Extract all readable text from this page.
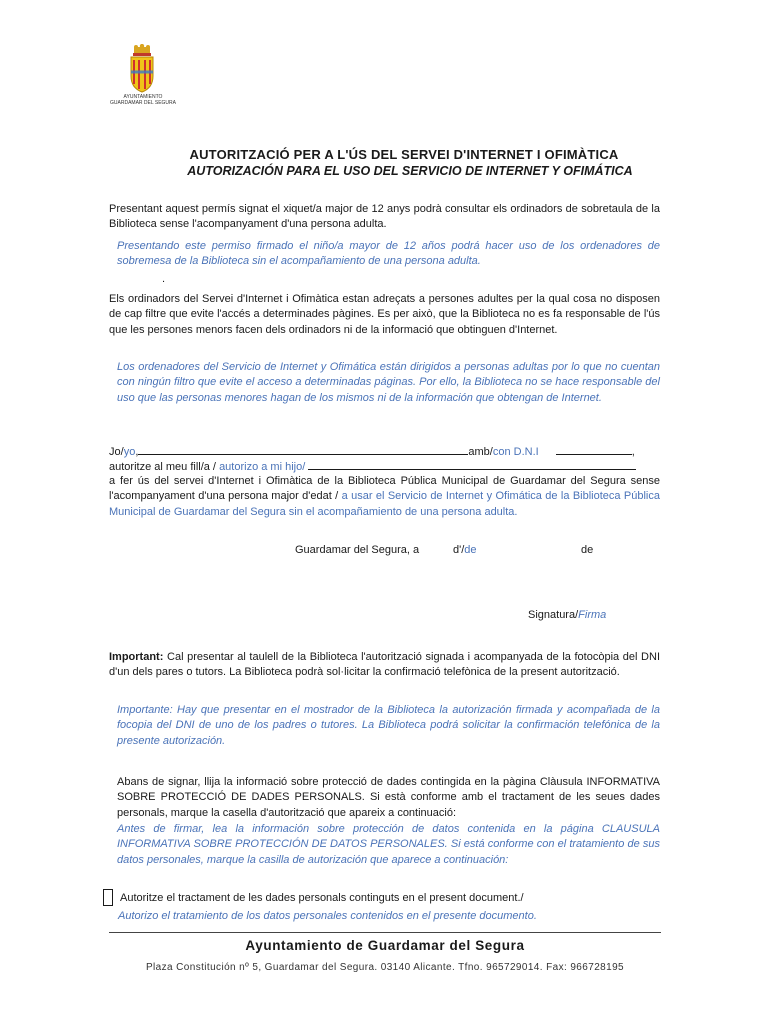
AYUNTAMIENTO
GUARDAMAR DEL SEGURA
AUTORITZACIÓ PER A L'ÚS DEL SERVEI D'INTERNET I OFIMÀTICA
AUTORIZACIÓN PARA EL USO DEL SERVICIO DE INTERNET Y OFIMÁTICA
Presentant aquest permís signat el xiquet/a major de 12 anys podrà consultar els ordinadors de sobretaula de la Biblioteca sense l'acompanyament d'una persona adulta.
Presentando este permiso firmado el niño/a mayor de 12 años podrá hacer uso de los ordenadores de sobremesa de la Biblioteca sin el acompañamiento de una persona adulta.
.
Els ordinadors del Servei d'Internet i Ofimàtica estan adreçats a persones adultes per la qual cosa no disposen de cap filtre que evite l'accés a determinades pàgines. Es per això, que la Biblioteca no es fa responsable de l'ús que les persones menors facen dels ordinadors ni de la informació que obtinguen d'Internet.
Los ordenadores del Servicio de Internet y Ofimática están dirigidos a personas adultas por lo que no cuentan con ningún filtro que evite el acceso a determinadas páginas. Por ello, la Biblioteca no se hace responsable del uso que las personas menores hagan de los mismos ni de la información que obtengan de Internet.
Jo/yo,	amb/con D.N.I	,
autoritze al meu fill/a / autorizo a mi hijo/
a fer ús del servei d'Internet i Ofimàtica de la Biblioteca Pública Municipal de Guardamar del Segura sense l'acompanyament d'una persona major d'edat / a usar el Servicio de Internet y Ofimática de la Biblioteca Pública Municipal de Guardamar del Segura sin el acompañamiento de una persona adulta.
Guardamar del Segura, a	d'/de	de
Signatura/Firma
Important: Cal presentar al taulell de la Biblioteca l'autorització signada i acompanyada de la fotocòpia del DNI d'un dels pares o tutors. La Biblioteca podrà sol·licitar la confirmació telefònica de la present autorització.
Importante: Hay que presentar en el mostrador de la Biblioteca la autorización firmada y acompañada de la focopia del DNI de uno de los padres o tutores. La Biblioteca podrá solicitar la confirmación telefónica de la presente autorización.
Abans de signar, llija la informació sobre protecció de dades contingida en la pàgina Clàusula INFORMATIVA SOBRE PROTECCIÓ DE DADES PERSONALS. Si està conforme amb el tractament de les seues dades personals, marque la casella d'autorització que apareix a continuació:
Antes de firmar, lea la información sobre protección de datos contenida en la página CLAUSULA INFORMATIVA SOBRE PROTECCIÓN DE DATOS PERSONALES. Si está conforme con el tratamiento de sus datos personales, marque la casilla de autorización que aparece a continuación:
Autoritze el tractament de les dades personals continguts en el present document./
Autorizo el tratamiento de los datos personales contenidos en el presente documento.
Ayuntamiento de Guardamar del Segura
Plaza Constitución nº 5, Guardamar del Segura. 03140 Alicante. Tfno. 965729014. Fax: 966728195
